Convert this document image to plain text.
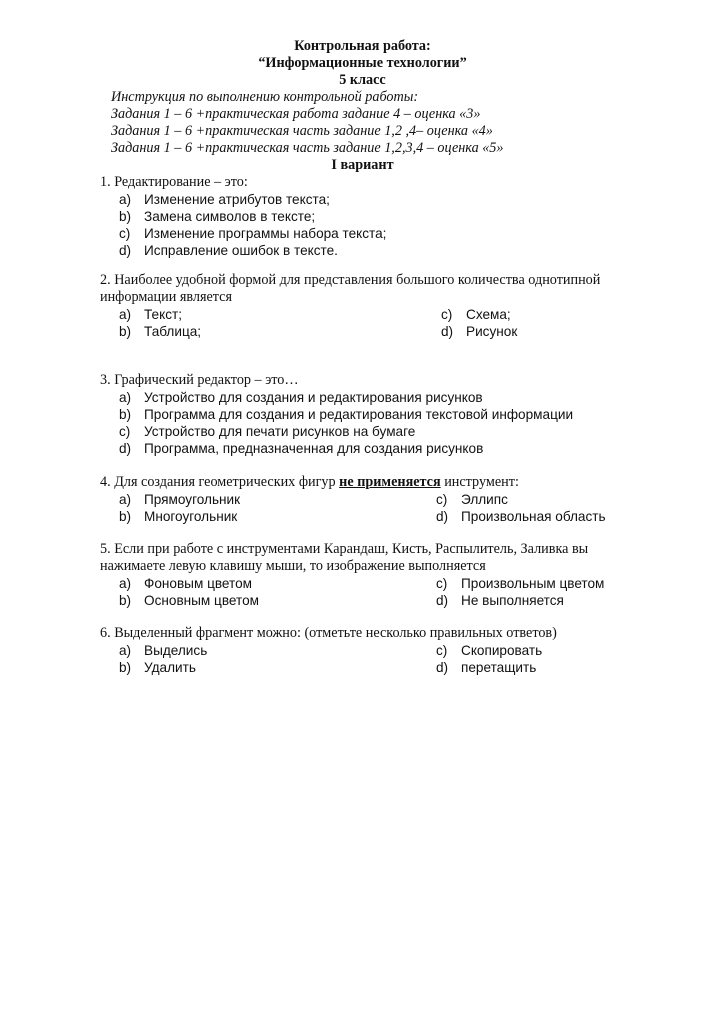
Контрольная работа:
“Информационные технологии”
5 класс
Инструкция по выполнению контрольной работы:
Задания 1 – 6 +практическая работа задание 4 – оценка «3»
Задания 1 – 6 +практическая часть задание 1,2 ,4– оценка «4»
Задания 1 – 6 +практическая часть задание 1,2,3,4 – оценка «5»
I вариант
1. Редактирование – это:
a) Изменение атрибутов текста;
b) Замена символов в тексте;
c) Изменение программы набора текста;
d) Исправление ошибок в тексте.
2. Наиболее удобной формой для представления большого количества однотипной
информации является
a) Текст;	c) Схема;
b) Таблица;	d) Рисунок
3. Графический редактор – это…
a) Устройство для создания и редактирования рисунков
b) Программа для создания и редактирования текстовой информации
c) Устройство для печати рисунков на бумаге
d) Программа, предназначенная для создания рисунков
4. Для создания геометрических фигур не применяется инструмент:
a) Прямоугольник	c) Эллипс
b) Многоугольник	d) Произвольная область
5. Если при работе с инструментами Карандаш, Кисть, Распылитель, Заливка вы
нажимаете левую клавишу мыши, то изображение выполняется
a) Фоновым цветом	c) Произвольным цветом
b) Основным цветом	d) Не выполняется
6. Выделенный фрагмент можно: (отметьте несколько правильных ответов)
a) Выделись	c) Скопировать
b) Удалить	d) перетащить
